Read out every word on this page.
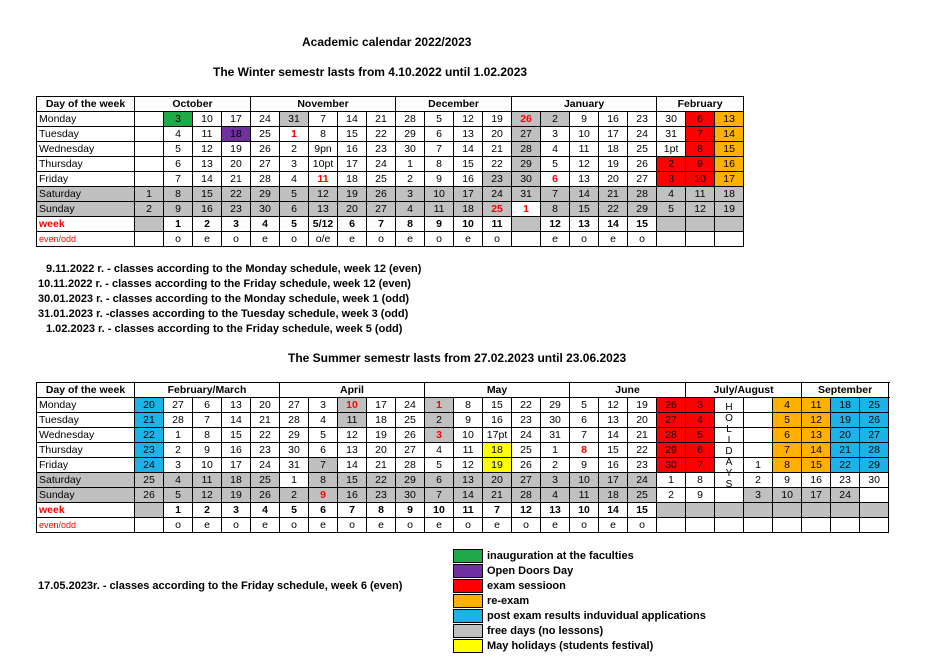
Academic calendar 2022/2023
The Winter semestr lasts from 4.10.2022 until 1.02.2023
Day of the week	October				November					December				January					February		
Monday		3	10	17	24	31	7	14	21	28	5	12	19	26	2	9	16	23	30	6	13
Tuesday		4	11	18	25	1	8	15	22	29	6	13	20	27	3	10	17	24	31	7	14
Wednesday		5	12	19	26	2	9pn	16	23	30	7	14	21	28	4	11	18	25	1pt	8	15
Thursday		6	13	20	27	3	10pt	17	24	1	8	15	22	29	5	12	19	26	2	9	16
Friday		7	14	21	28	4	11	18	25	2	9	16	23	30	6	13	20	27	3	10	17
Saturday	1	8	15	22	29	5	12	19	26	3	10	17	24	31	7	14	21	28	4	11	18
Sunday	2	9	16	23	30	6	13	20	27	4	11	18	25	1	8	15	22	29	5	12	19
week		1	2	3	4	5	5/12	6	7	8	9	10	11		12	13	14	15			
even/odd		o	e	o	e	o	o/e	e	o	e	o	e	o		e	o	e	o			
9.11.2022 r. - classes according to the Monday schedule, week 12 (even)
10.11.2022 r. - classes according to the Friday schedule, week 12 (even)
30.01.2023 r. - classes according to the Monday schedule, week 1 (odd)
31.01.2023 r. -classes according to the Tuesday schedule, week 3 (odd)
1.02.2023 r. - classes according to the Friday schedule, week 5 (odd)
The Summer semestr lasts from 27.02.2023 until 23.06.2023
Day of the week	February/March					April					May					June				July/August				September		
Monday	20	27	6	13	20	27	3	10	17	24	1	8	15	22	29	5	12	19	26	3			4	11	18	25
Tuesday	21	28	7	14	21	28	4	11	18	25	2	9	16	23	30	6	13	20	27	4			5	12	19	26
Wednesday	22	1	8	15	22	29	5	12	19	26	3	10	17pt	24	31	7	14	21	28	5			6	13	20	27
Thursday	23	2	9	16	23	30	6	13	20	27	4	11	18	25	1	8	15	22	29	6			7	14	21	28
Friday	24	3	10	17	24	31	7	14	21	28	5	12	19	26	2	9	16	23	30	7		1	8	15	22	29
Saturday	25	4	11	18	25	1	8	15	22	29	6	13	20	27	3	10	17	24	1	8		2	9	16	23	30
Sunday	26	5	12	19	26	2	9	16	23	30	7	14	21	28	4	11	18	25	2	9		3	10	17	24	
week		1	2	3	4	5	6	7	8	9	10	11	7	12	13	10	14	15								
even/odd		o	e	o	e	o	e	o	e	o	e	o	e	o	e	o	e	o								
17.05.2023r. - classes according to the Friday schedule, week 6 (even)
inauguration at the faculties
Open Doors Day
exam sessioon
re-exam
post exam results induvidual applications
free days (no lessons)
May holidays (students festival)
H
O
L
I
D
A
Y
S
